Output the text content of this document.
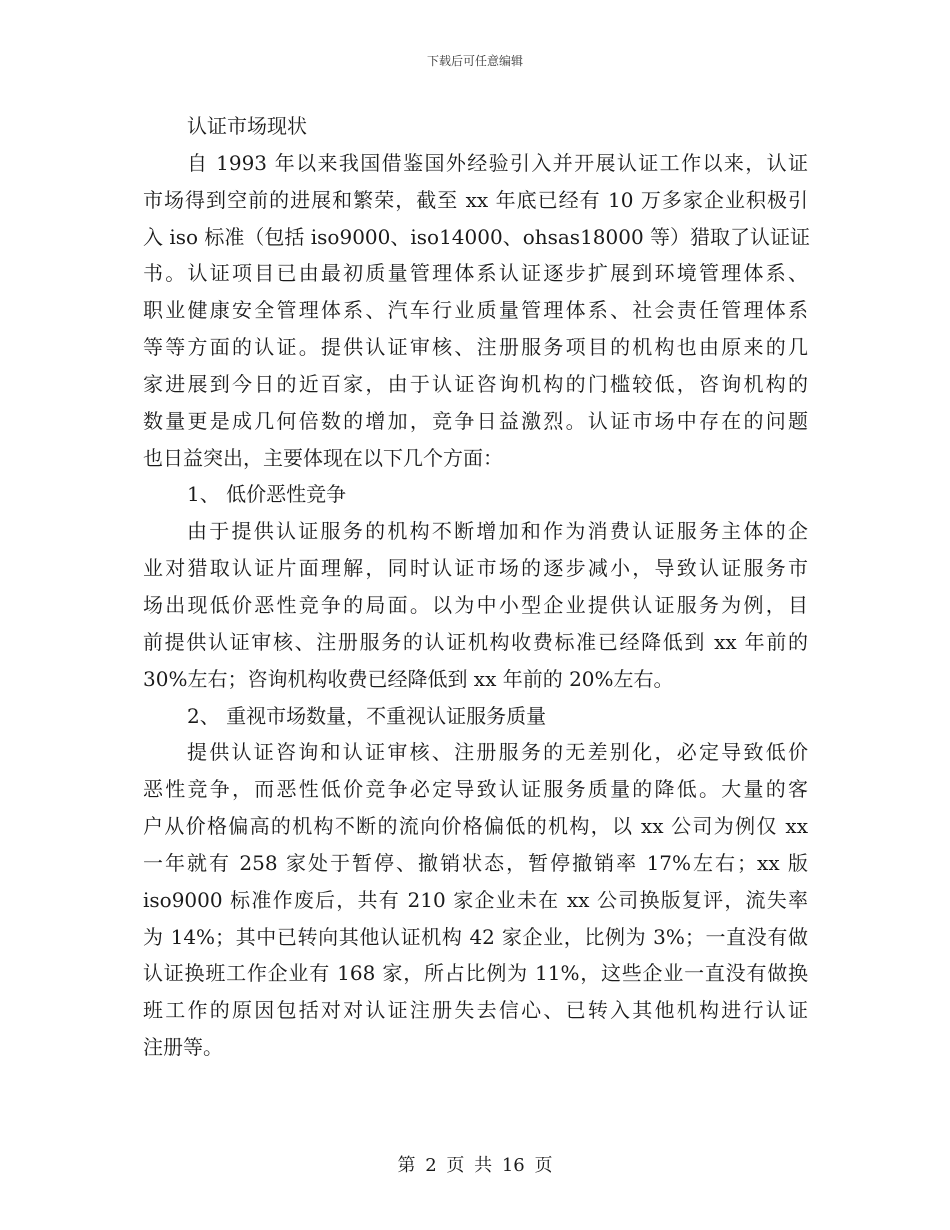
下载后可任意编辑
认证市场现状
自 1993 年以来我国借鉴国外经验引入并开展认证工作以来，认证
市场得到空前的进展和繁荣，截至 xx 年底已经有 10 万多家企业积极引
入 iso 标准（包括 iso9000、iso14000、ohsas18000 等）猎取了认证证
书。认证项目已由最初质量管理体系认证逐步扩展到环境管理体系、
职业健康安全管理体系、汽车行业质量管理体系、社会责任管理体系
等等方面的认证。提供认证审核、注册服务项目的机构也由原来的几
家进展到今日的近百家，由于认证咨询机构的门槛较低，咨询机构的
数量更是成几何倍数的增加，竞争日益激烈。认证市场中存在的问题
也日益突出，主要体现在以下几个方面：
1、 低价恶性竞争
由于提供认证服务的机构不断增加和作为消费认证服务主体的企
业对猎取认证片面理解，同时认证市场的逐步减小，导致认证服务市
场出现低价恶性竞争的局面。以为中小型企业提供认证服务为例，目
前提供认证审核、注册服务的认证机构收费标准已经降低到 xx 年前的
30%左右；咨询机构收费已经降低到 xx 年前的 20%左右。
2、 重视市场数量，不重视认证服务质量
提供认证咨询和认证审核、注册服务的无差别化，必定导致低价
恶性竞争，而恶性低价竞争必定导致认证服务质量的降低。大量的客
户从价格偏高的机构不断的流向价格偏低的机构，以 xx 公司为例仅 xx
一年就有 258 家处于暂停、撤销状态，暂停撤销率 17%左右；xx 版
iso9000 标准作废后，共有 210 家企业未在 xx 公司换版复评，流失率
为 14%；其中已转向其他认证机构 42 家企业，比例为 3%；一直没有做
认证换班工作企业有 168 家，所占比例为 11%，这些企业一直没有做换
班工作的原因包括对对认证注册失去信心、已转入其他机构进行认证
注册等。
第 2 页 共 16 页
